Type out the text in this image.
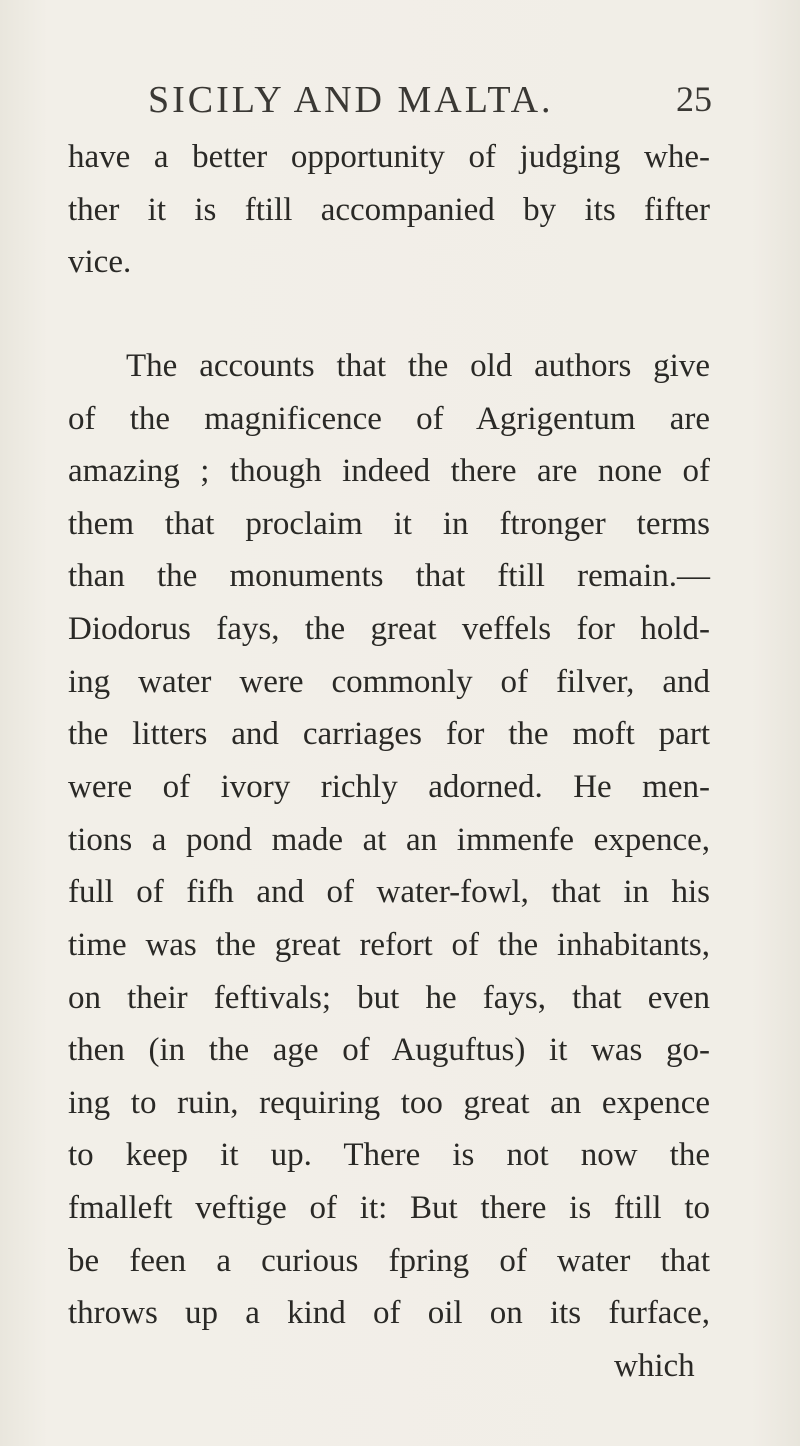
SICILY AND MALTA.	25
have a better opportunity of judging whe-
ther it is ftill accompanied by its fifter
vice.
The accounts that the old authors give
of the magnificence of Agrigentum are
amazing ; though indeed there are none of
them that proclaim it in ftronger terms
than the monuments that ftill remain.—
Diodorus fays, the great veffels for hold-
ing water were commonly of filver, and
the litters and carriages for the moft part
were of ivory richly adorned. He men-
tions a pond made at an immenfe expence,
full of fifh and of water-fowl, that in his
time was the great refort of the inhabitants,
on their feftivals; but he fays, that even
then (in the age of Auguftus) it was go-
ing to ruin, requiring too great an expence
to keep it up. There is not now the
fmalleft veftige of it: But there is ftill to
be feen a curious fpring of water that
throws up a kind of oil on its furface,
which
